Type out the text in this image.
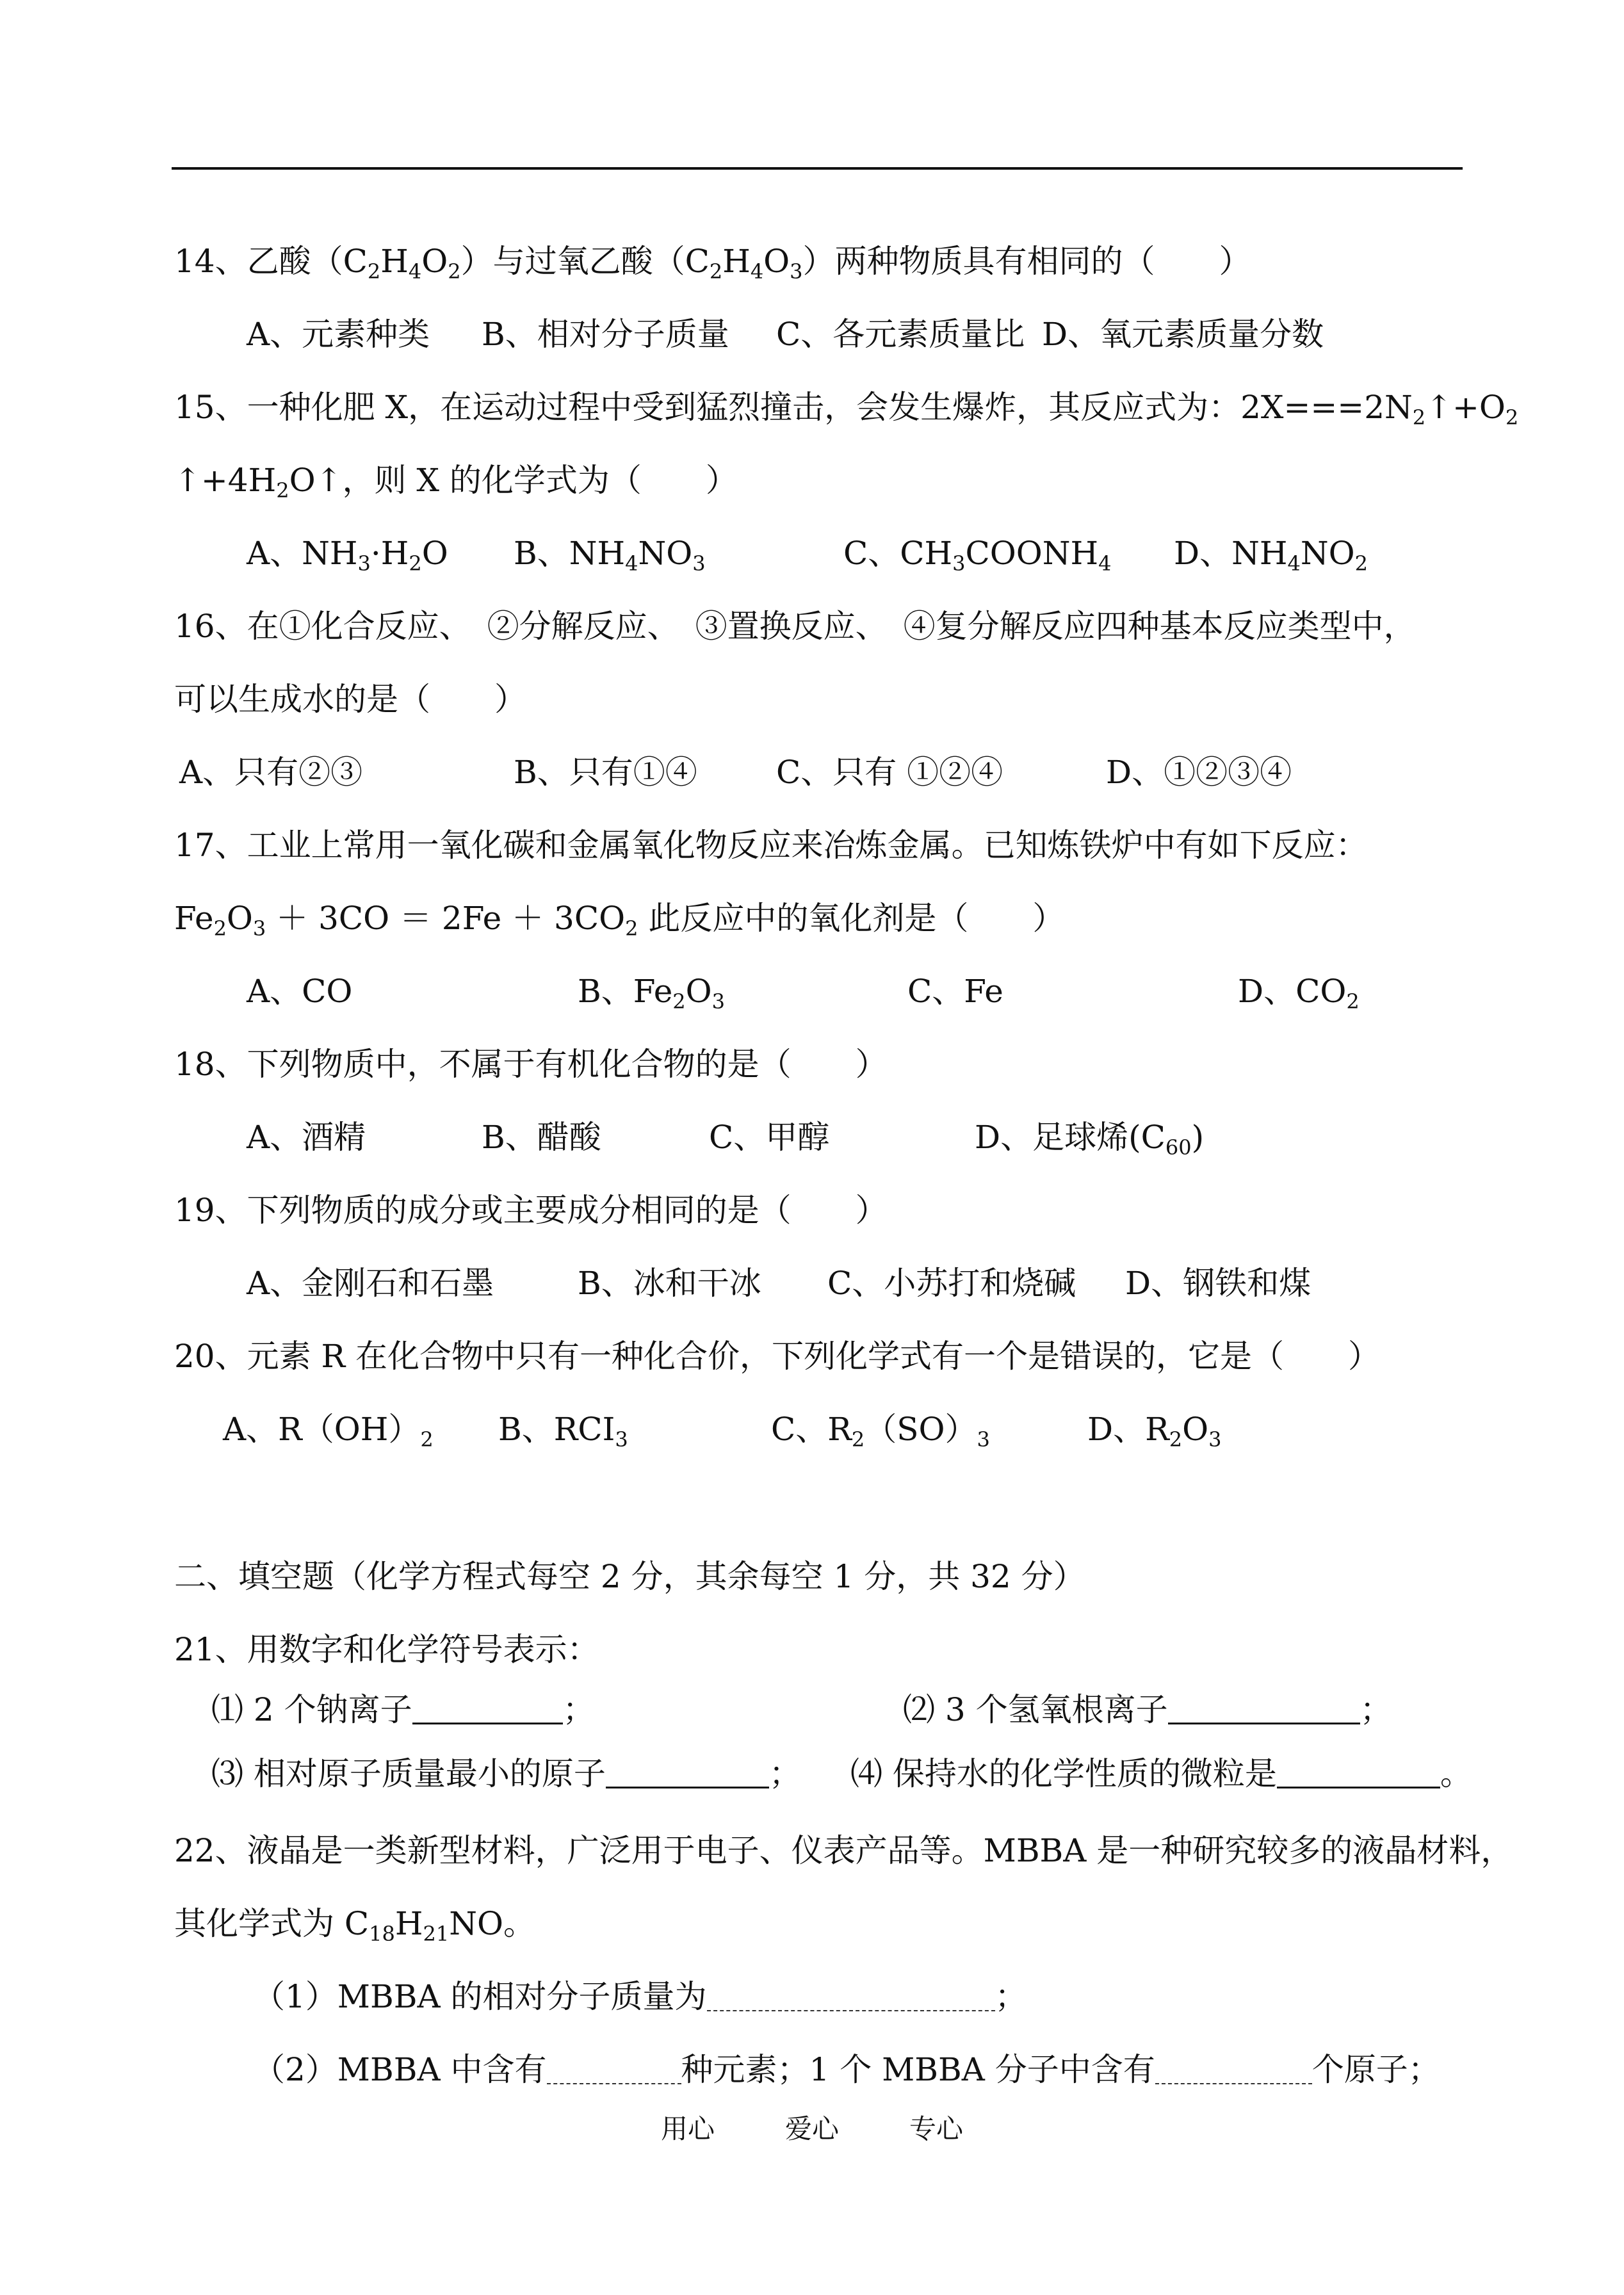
14、乙酸$(C_2H_4O_2)$与过氧乙酸$(C_2H_4O_3)$两种物质具有相同的（　　）
A、元素种类 B、相对分子质量 C、各元素质量比 D、氧元素质量分数
15、一种化肥 X，在运动过程中受到猛烈撞击，会发生爆炸，其反应式为：$2X===2N_2↑+O_2$
$↑+4H_2O↑$，则 X 的化学式为（　　）
A、$NH_3\cdot H_2O$ B、$NH_4NO_3$	C、$CH_3COONH_4$ D、$NH_4NO_2$
16、在①化合反应、　②分解反应、　③置换反应、　④复分解反应四种基本反应类型中，
可以生成水的是（　　）
A、只有②③	B、只有①④ C、只有 ①②④	D、①②③④
17、工业上常用一氧化碳和金属氧化物反应来冶炼金属。已知炼铁炉中有如下反应：
$Fe_2O_3 + 3CO = 2Fe + 3CO_2$ 此反应中的氧化剂是（　　）
A、CO	B、$Fe_2O_3$	C、Fe	D、$CO_2$
18、下列物质中，不属于有机化合物的是（　　）
A、酒精	B、醋酸	C、甲醇	D、足球烯$(C_{60})$
19、下列物质的成分或主要成分相同的是（　　）
A、金刚石和石墨	B、冰和干冰 C、小苏打和烧碱 D、钢铁和煤
20、元素 R 在化合物中只有一种化合价，下列化学式有一个是错误的，它是（　　）
A、$R(OH)_2$ B、$RCI_3$	C、$R_2(SO)_3$	D、$R_2O_3$
二、填空题（化学方程式每空 2 分，其余每空 1 分，共 32 分）
21、用数字和化学符号表示：
⑴ 2 个钠离子	；	⑵ 3 个氢氧根离子	；
⑶ 相对原子质量最小的原子	； ⑷ 保持水的化学性质的微粒是	。
22、液晶是一类新型材料，广泛用于电子、仪表产品等。MBBA 是一种研究较多的液晶材料，
其化学式为 $C_{18}H_{21}NO$。
（1）MBBA 的相对分子质量为	；
（2）MBBA 中含有	种元素；1 个 MBBA 分子中含有	个原子；
用心	爱心	专心
